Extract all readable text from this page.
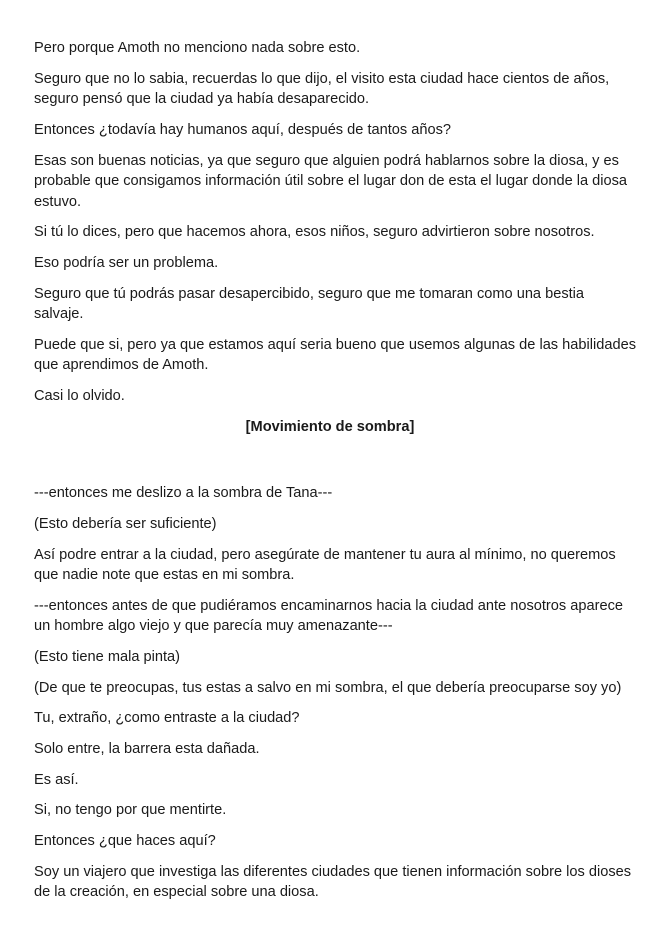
Pero porque Amoth no menciono nada sobre esto.

Seguro que no lo sabia, recuerdas lo que dijo, el visito esta ciudad hace cientos de años, seguro pensó que la ciudad ya había desaparecido.

Entonces ¿todavía hay humanos aquí, después de tantos años?

Esas son buenas noticias, ya que seguro que alguien podrá hablarnos sobre la diosa, y es probable que consigamos información útil sobre el lugar don de esta el lugar donde la diosa estuvo.

Si tú lo dices, pero que hacemos ahora, esos niños, seguro advirtieron sobre nosotros.

Eso podría ser un problema.

Seguro que tú podrás pasar desapercibido, seguro que me tomaran como una bestia salvaje.

Puede que si, pero ya que estamos aquí seria bueno que usemos algunas de las habilidades que aprendimos de Amoth.

Casi lo olvido.

[Movimiento de sombra]

---entonces me deslizo a la sombra de Tana---

(Esto debería ser suficiente)

Así podre entrar a la ciudad, pero asegúrate de mantener tu aura al mínimo, no queremos que nadie note que estas en mi sombra.

---entonces antes de que pudiéramos encaminarnos hacia la ciudad ante nosotros aparece un hombre algo viejo y que parecía muy amenazante---

(Esto tiene mala pinta)

(De que te preocupas, tus estas a salvo en mi sombra, el que debería preocuparse soy yo)

Tu, extraño, ¿como entraste a la ciudad?

Solo entre, la barrera esta dañada.

Es así.

Si, no tengo por que mentirte.

Entonces ¿que haces aquí?

Soy un viajero que investiga las diferentes ciudades que tienen información sobre los dioses de la creación, en especial sobre una diosa.
